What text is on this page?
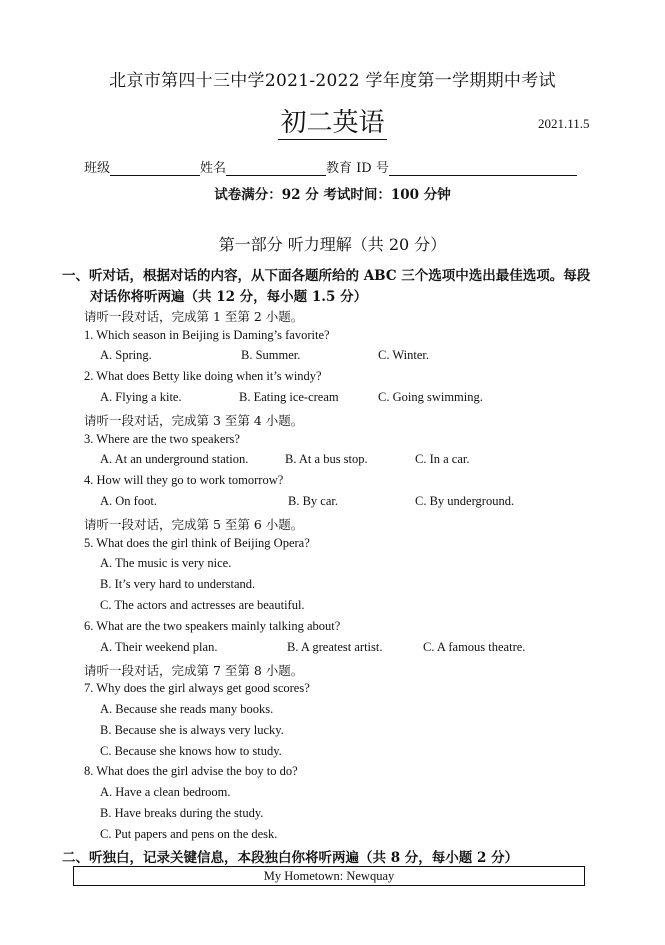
北京市第四十三中学2021-2022 学年度第一学期期中考试
初二英语	2021.11.5
班级	姓名	教育 ID 号
试卷满分：92 分 考试时间：100 分钟
第一部分 听力理解（共 20 分）
一、听对话，根据对话的内容，从下面各题所给的 ABC 三个选项中选出最佳选项。每段
对话你将听两遍（共 12 分，每小题 1.5 分）
请听一段对话，完成第 1 至第 2 小题。
1. Which season in Beijing is Daming’s favorite?
A. Spring.	B. Summer.	C. Winter.
2. What does Betty like doing when it’s windy?
A. Flying a kite.	B. Eating ice-cream	C. Going swimming.
请听一段对话，完成第 3 至第 4 小题。
3. Where are the two speakers?
A. At an underground station.	B. At a bus stop.	C. In a car.
4. How will they go to work tomorrow?
A. On foot.	B. By car.	C. By underground.
请听一段对话，完成第 5 至第 6 小题。
5. What does the girl think of Beijing Opera?
A. The music is very nice.
B. It’s very hard to understand.
C. The actors and actresses are beautiful.
6. What are the two speakers mainly talking about?
A. Their weekend plan.	B. A greatest artist.	C. A famous theatre.
请听一段对话，完成第 7 至第 8 小题。
7. Why does the girl always get good scores?
A. Because she reads many books.
B. Because she is always very lucky.
C. Because she knows how to study.
8. What does the girl advise the boy to do?
A. Have a clean bedroom.
B. Have breaks during the study.
C. Put papers and pens on the desk.
二、听独白，记录关键信息，本段独白你将听两遍（共 8 分，每小题 2 分）
My Hometown: Newquay
